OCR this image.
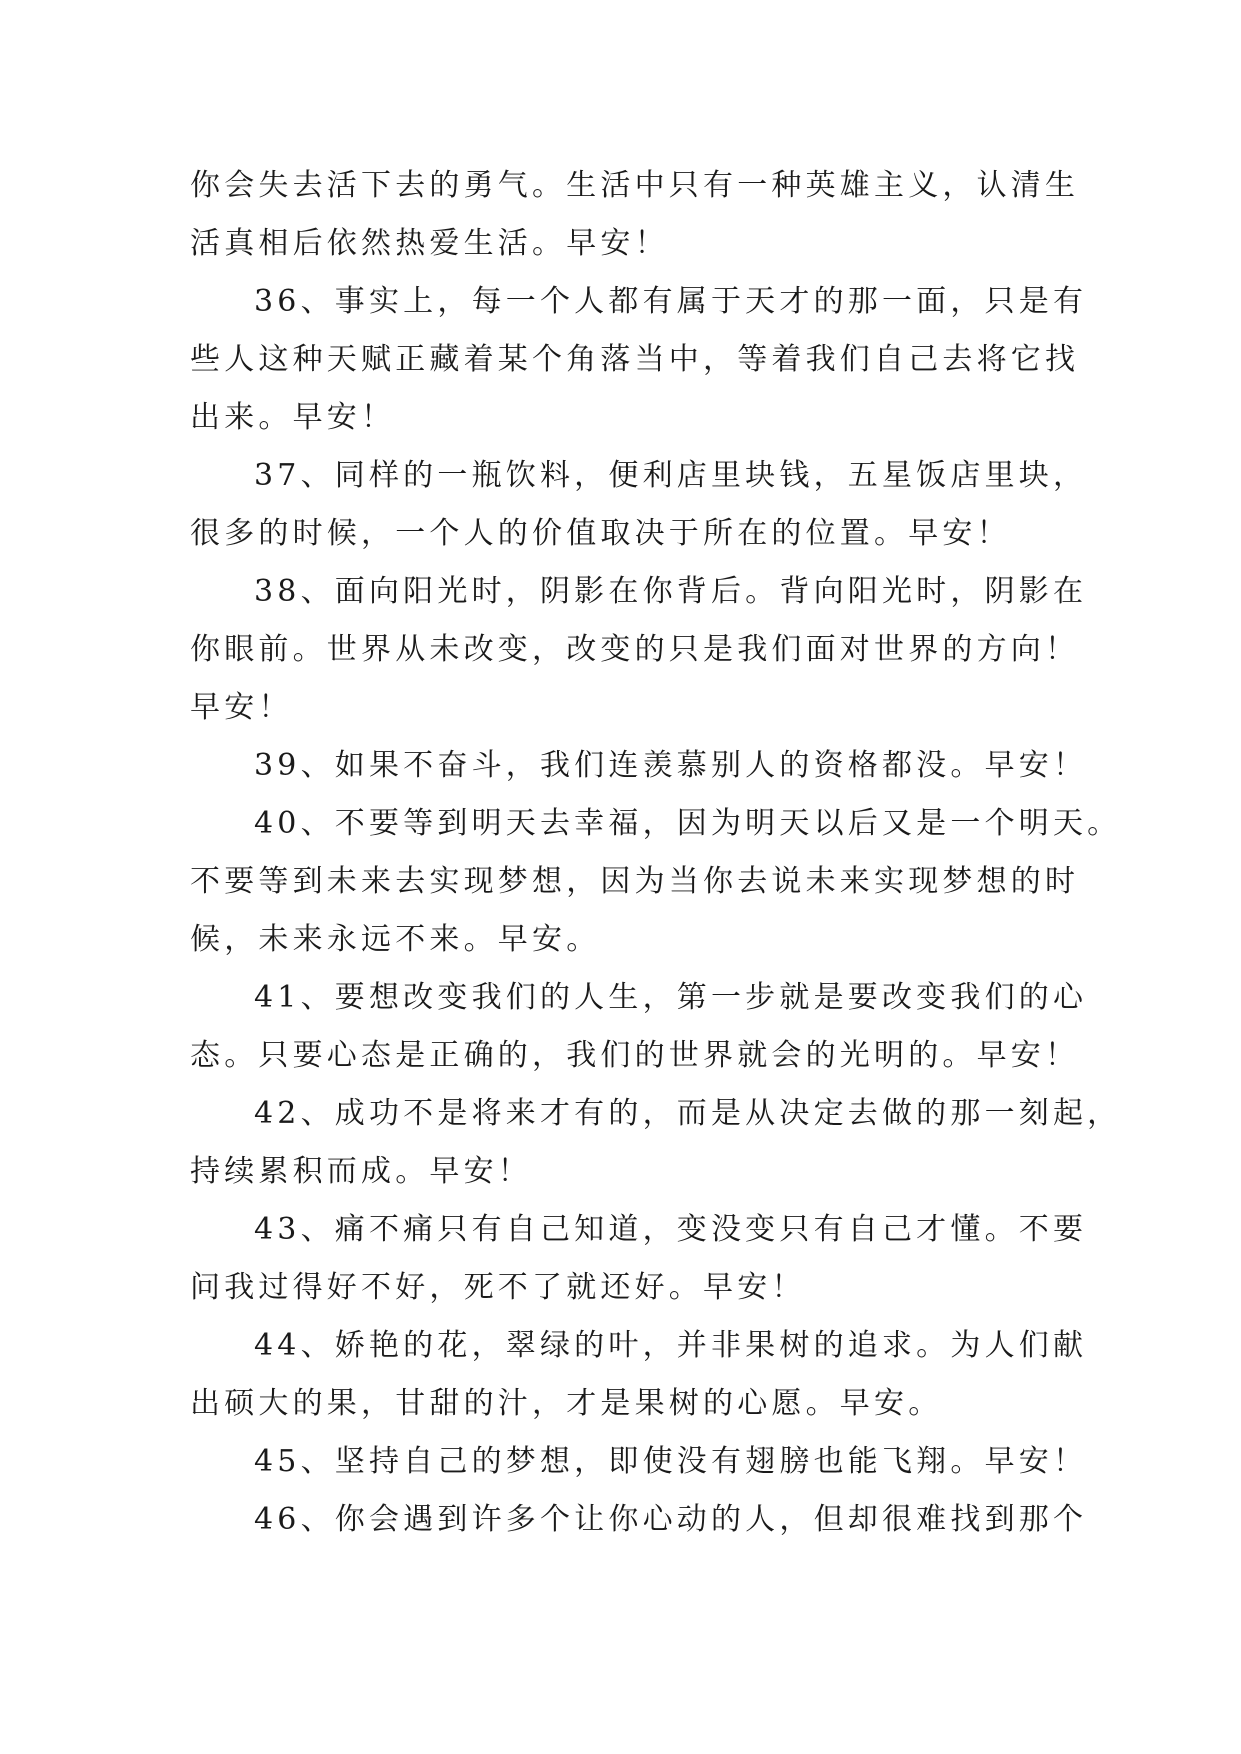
你会失去活下去的勇气。生活中只有一种英雄主义，认清生
活真相后依然热爱生活。早安！
36、事实上，每一个人都有属于天才的那一面，只是有
些人这种天赋正藏着某个角落当中，等着我们自己去将它找
出来。早安！
37、同样的一瓶饮料，便利店里块钱，五星饭店里块，
很多的时候，一个人的价值取决于所在的位置。早安！
38、面向阳光时，阴影在你背后。背向阳光时，阴影在
你眼前。世界从未改变，改变的只是我们面对世界的方向！
早安！
39、如果不奋斗，我们连羡慕别人的资格都没。早安！
40、不要等到明天去幸福，因为明天以后又是一个明天。
不要等到未来去实现梦想，因为当你去说未来实现梦想的时
候，未来永远不来。早安。
41、要想改变我们的人生，第一步就是要改变我们的心
态。只要心态是正确的，我们的世界就会的光明的。早安！
42、成功不是将来才有的，而是从决定去做的那一刻起，
持续累积而成。早安！
43、痛不痛只有自己知道，变没变只有自己才懂。不要
问我过得好不好，死不了就还好。早安！
44、娇艳的花，翠绿的叶，并非果树的追求。为人们献
出硕大的果，甘甜的汁，才是果树的心愿。早安。
45、坚持自己的梦想，即使没有翅膀也能飞翔。早安！
46、你会遇到许多个让你心动的人，但却很难找到那个
